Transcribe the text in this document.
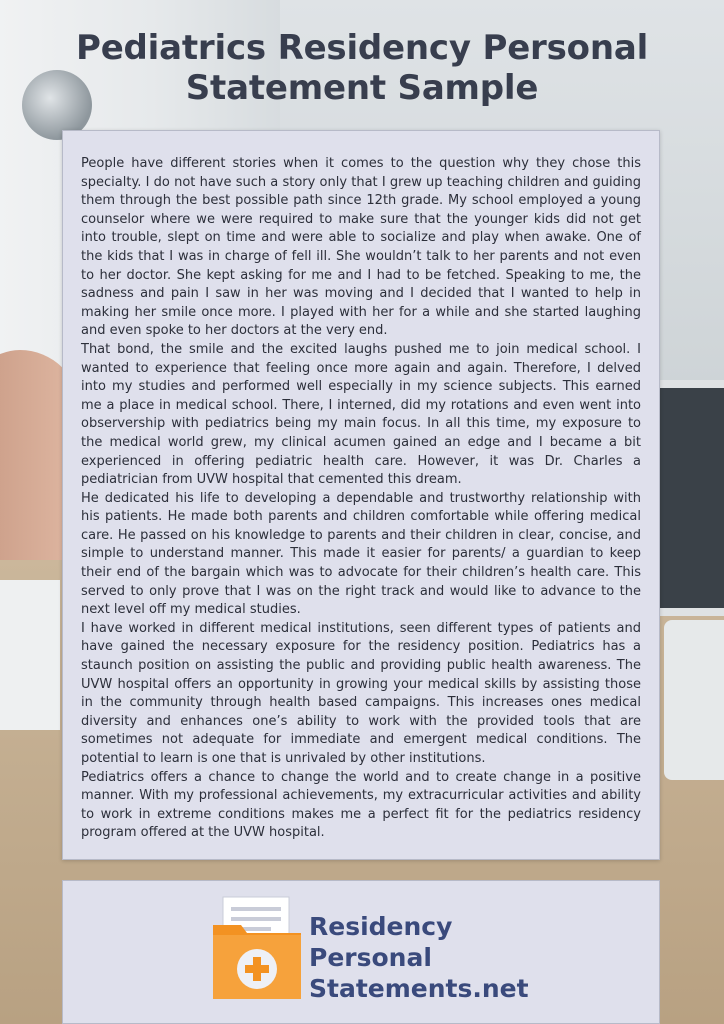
Pediatrics Residency Personal Statement Sample

People have different stories when it comes to the question why they chose this specialty. I do not have such a story only that I grew up teaching children and guiding them through the best possible path since 12th grade. My school employed a young counselor where we were required to make sure that the younger kids did not get into trouble, slept on time and were able to socialize and play when awake. One of the kids that I was in charge of fell ill. She wouldn’t talk to her parents and not even to her doctor. She kept asking for me and I had to be fetched. Speaking to me, the sadness and pain I saw in her was moving and I decided that I wanted to help in making her smile once more. I played with her for a while and she started laughing and even spoke to her doctors at the very end.

That bond, the smile and the excited laughs pushed me to join medical school. I wanted to experience that feeling once more again and again. Therefore, I delved into my studies and performed well especially in my science subjects. This earned me a place in medical school. There, I interned, did my rotations and even went into observership with pediatrics being my main focus. In all this time, my exposure to the medical world grew, my clinical acumen gained an edge and I became a bit experienced in offering pediatric health care. However, it was Dr. Charles a pediatrician from UVW hospital that cemented this dream.

He dedicated his life to developing a dependable and trustworthy relationship with his patients. He made both parents and children comfortable while offering medical care. He passed on his knowledge to parents and their children in clear, concise, and simple to understand manner. This made it easier for parents/ a guardian to keep their end of the bargain which was to advocate for their children’s health care. This served to only prove that I was on the right track and would like to advance to the next level off my medical studies.

I have worked in different medical institutions, seen different types of patients and have gained the necessary exposure for the residency position. Pediatrics has a staunch position on assisting the public and providing public health awareness. The UVW hospital offers an opportunity in growing your medical skills by assisting those in the community through health based campaigns. This increases ones medical diversity and enhances one’s ability to work with the provided tools that are sometimes not adequate for immediate and emergent medical conditions. The potential to learn is one that is unrivaled by other institutions.

Pediatrics offers a chance to change the world and to create change in a positive manner. With my professional achievements, my extracurricular activities and ability to work in extreme conditions makes me a perfect fit for the pediatrics residency program offered at the UVW hospital.

Residency
Personal
Statements.net
